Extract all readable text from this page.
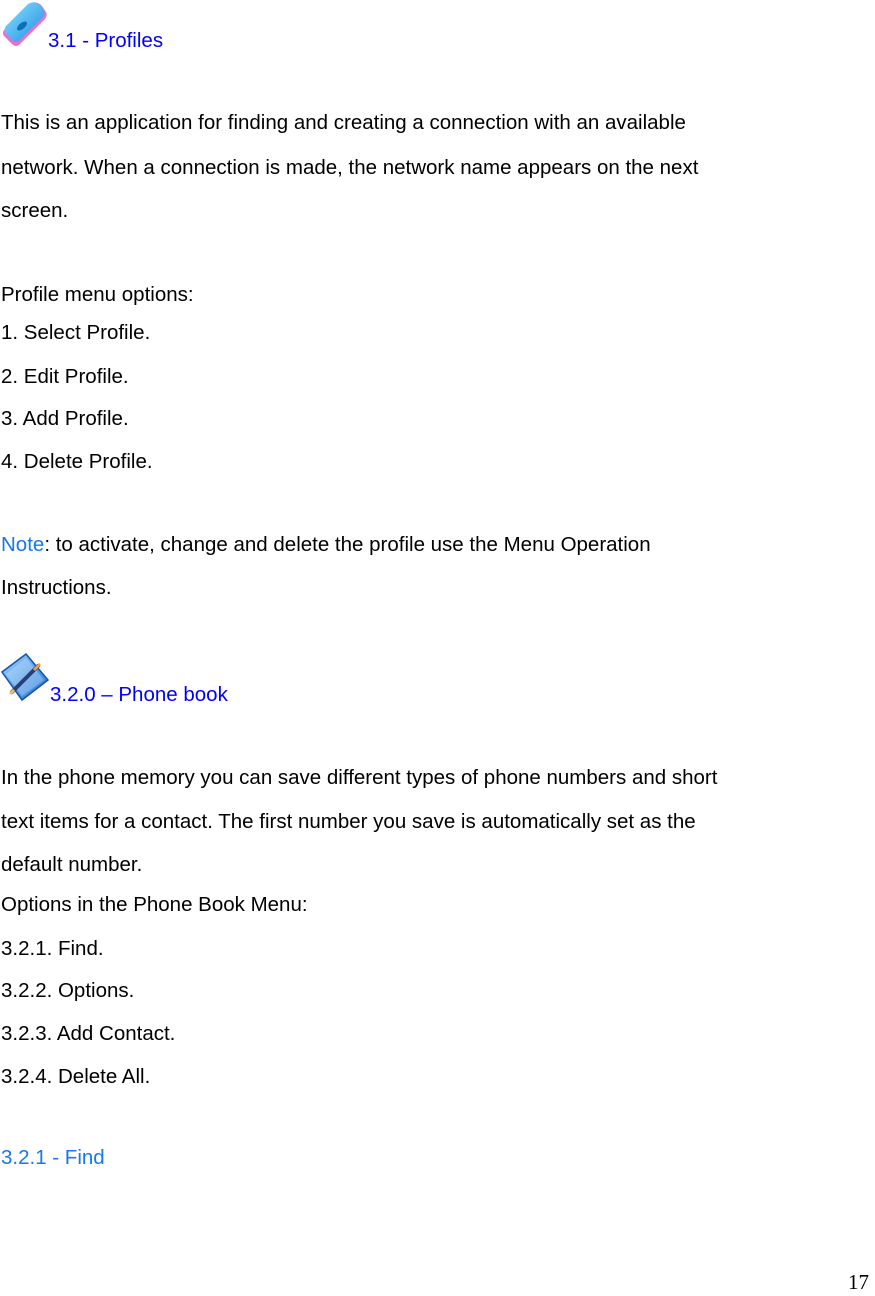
3.1 - Profiles
This is an application for finding and creating a connection with an available
network. When a connection is made, the network name appears on the next
screen.
Profile menu options:
1. Select Profile.
2. Edit Profile.
3. Add Profile.
4. Delete Profile.
Note: to activate, change and delete the profile use the Menu Operation
Instructions.
3.2.0 – Phone book
In the phone memory you can save different types of phone numbers and short
text items for a contact. The first number you save is automatically set as the
default number.
Options in the Phone Book Menu:
3.2.1. Find.
3.2.2. Options.
3.2.3. Add Contact.
3.2.4. Delete All.
3.2.1 - Find
17
